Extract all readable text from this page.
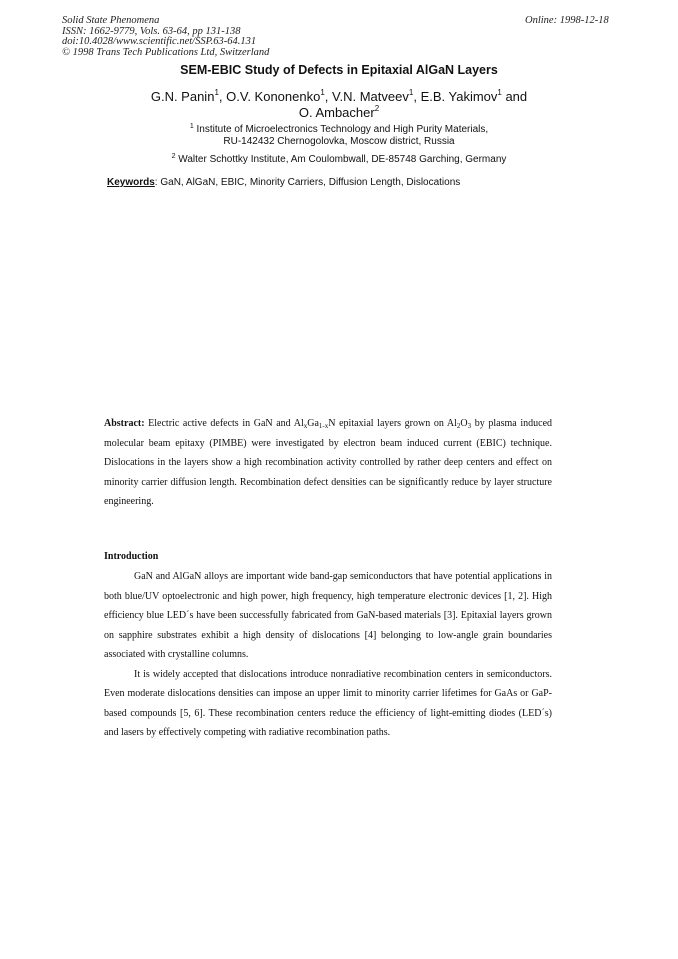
Solid State Phenomena
ISSN: 1662-9779, Vols. 63-64, pp 131-138
doi:10.4028/www.scientific.net/SSP.63-64.131
© 1998 Trans Tech Publications Ltd, Switzerland
Online: 1998-12-18
SEM-EBIC Study of Defects in Epitaxial AlGaN Layers
G.N. Panin$^1$, O.V. Kononenko$^1$, V.N. Matveev$^1$, E.B. Yakimov$^1$ and
O. Ambacher$^2$
$^1$ Institute of Microelectronics Technology and High Purity Materials,
RU-142432 Chernogolovka, Moscow district, Russia
$^2$ Walter Schottky Institute, Am Coulombwall, DE-85748 Garching, Germany
Keywords: GaN, AlGaN, EBIC, Minority Carriers, Diffusion Length, Dislocations

Abstract: Electric active defects in GaN and $Al_xGa_{1-x}N$ epitaxial layers grown on $Al_2O_3$ by plasma induced molecular beam epitaxy (PIMBE) were investigated by electron beam induced current (EBIC) technique. Dislocations in the layers show a high recombination activity controlled by rather deep centers and effect on minority carrier diffusion length. Recombination defect densities can be significantly reduce by layer structure engineering.

Introduction

GaN and AlGaN alloys are important wide band-gap semiconductors that have potential applications in both blue/UV optoelectronic and high power, high frequency, high temperature electronic devices [1, 2]. High efficiency blue LED´s have been successfully fabricated from GaN-based materials [3]. Epitaxial layers grown on sapphire substrates exhibit a high density of dislocations [4] belonging to low-angle grain boundaries associated with crystalline columns.

It is widely accepted that dislocations introduce nonradiative recombination centers in semiconductors. Even moderate dislocations densities can impose an upper limit to minority carrier lifetimes for GaAs or GaP-based compounds [5, 6]. These recombination centers reduce the efficiency of light-emitting diodes (LED´s) and lasers by effectively competing with radiative recombination paths.
